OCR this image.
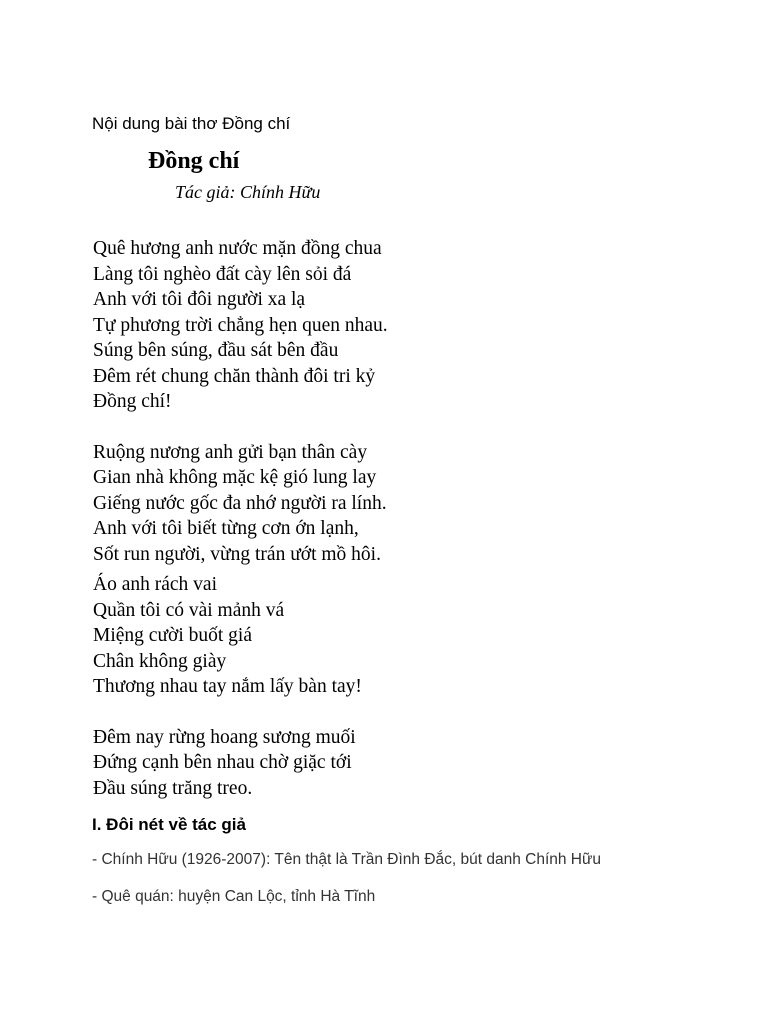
Nội dung bài thơ Đồng chí
Đồng chí

Tác giả: Chính Hữu

Quê hương anh nước mặn đồng chua
Làng tôi nghèo đất cày lên sỏi đá
Anh với tôi đôi người xa lạ
Tự phương trời chẳng hẹn quen nhau.
Súng bên súng, đầu sát bên đầu
Đêm rét chung chăn thành đôi tri kỷ
Đồng chí!
Ruộng nương anh gửi bạn thân cày
Gian nhà không mặc kệ gió lung lay
Giếng nước gốc đa nhớ người ra lính.
Anh với tôi biết từng cơn ớn lạnh,
Sốt run người, vừng trán ướt mồ hôi.
Áo anh rách vai
Quần tôi có vài mảnh vá
Miệng cười buốt giá
Chân không giày
Thương nhau tay nắm lấy bàn tay!
Đêm nay rừng hoang sương muối
Đứng cạnh bên nhau chờ giặc tới
Đầu súng trăng treo.
I. Đôi nét về tác giả

- Chính Hữu (1926-2007): Tên thật là Trần Đình Đắc, bút danh Chính Hữu

- Quê quán: huyện Can Lộc, tỉnh Hà Tĩnh
